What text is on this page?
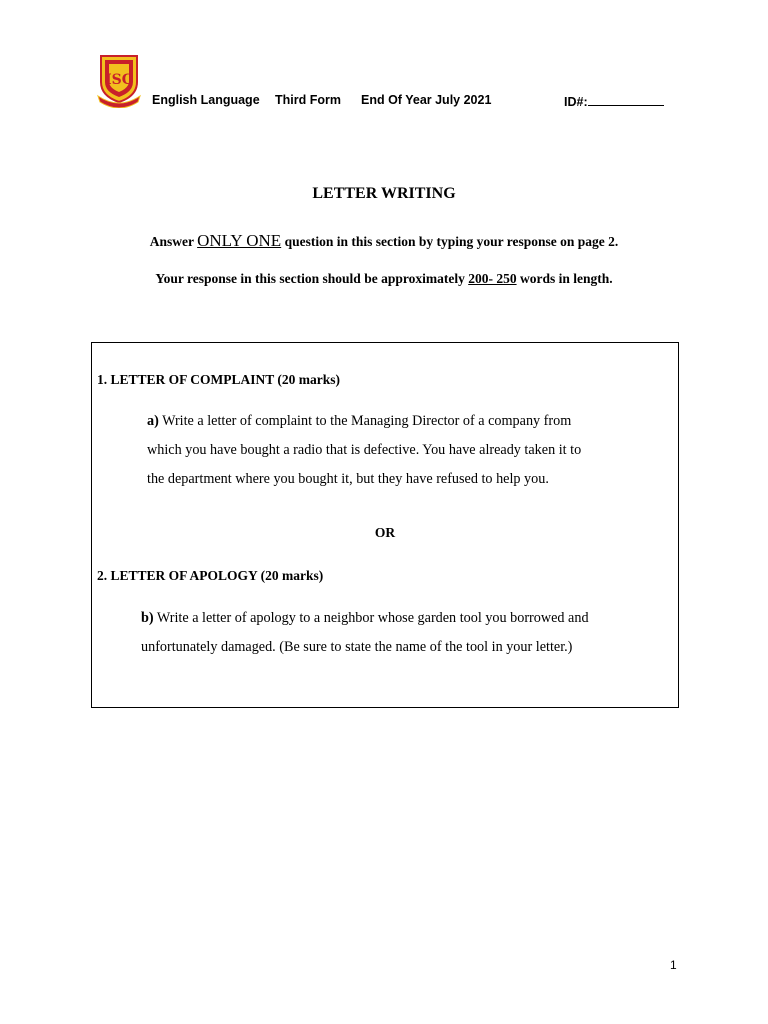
ISC
English Language Third Form End Of Year July 2021	ID#:
LETTER WRITING
Answer ONLY ONE question in this section by typing your response on page 2.
Your response in this section should be approximately 200- 250 words in length.
1. LETTER OF COMPLAINT (20 marks)
a) Write a letter of complaint to the Managing Director of a company from
which you have bought a radio that is defective. You have already taken it to
the department where you bought it, but they have refused to help you.
OR
2. LETTER OF APOLOGY (20 marks)
b) Write a letter of apology to a neighbor whose garden tool you borrowed and
unfortunately damaged. (Be sure to state the name of the tool in your letter.)
1
